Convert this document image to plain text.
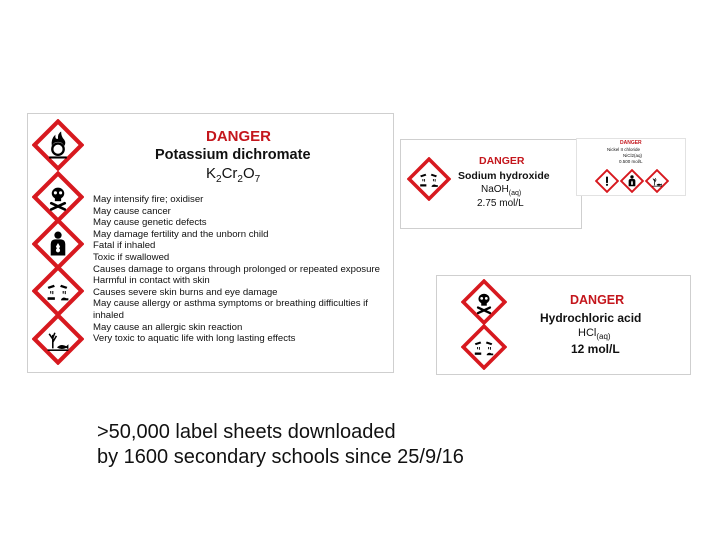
DANGER
Potassium dichromate
$K_2Cr_2O_7$
May intensify fire; oxidiser
May cause cancer
May cause genetic defects
May damage fertility and the unborn child
Fatal if inhaled
Toxic if swallowed
Causes damage to organs through prolonged or repeated exposure
Harmful in contact with skin
Causes severe skin burns and eye damage
May cause allergy or asthma symptoms or breathing difficulties if inhaled
May cause an allergic skin reaction
Very toxic to aquatic life with long lasting effects
DANGER
Sodium hydroxide
NaOH$_{(aq)}$
2.75 mol/L
DANGER
Nickel II chloride
NiCl2(aq)
0.500 mol/L
DANGER
Hydrochloric acid
HCl$_{(aq)}$
12 mol/L
>50,000 label sheets downloaded
by 1600 secondary schools since 25/9/16
